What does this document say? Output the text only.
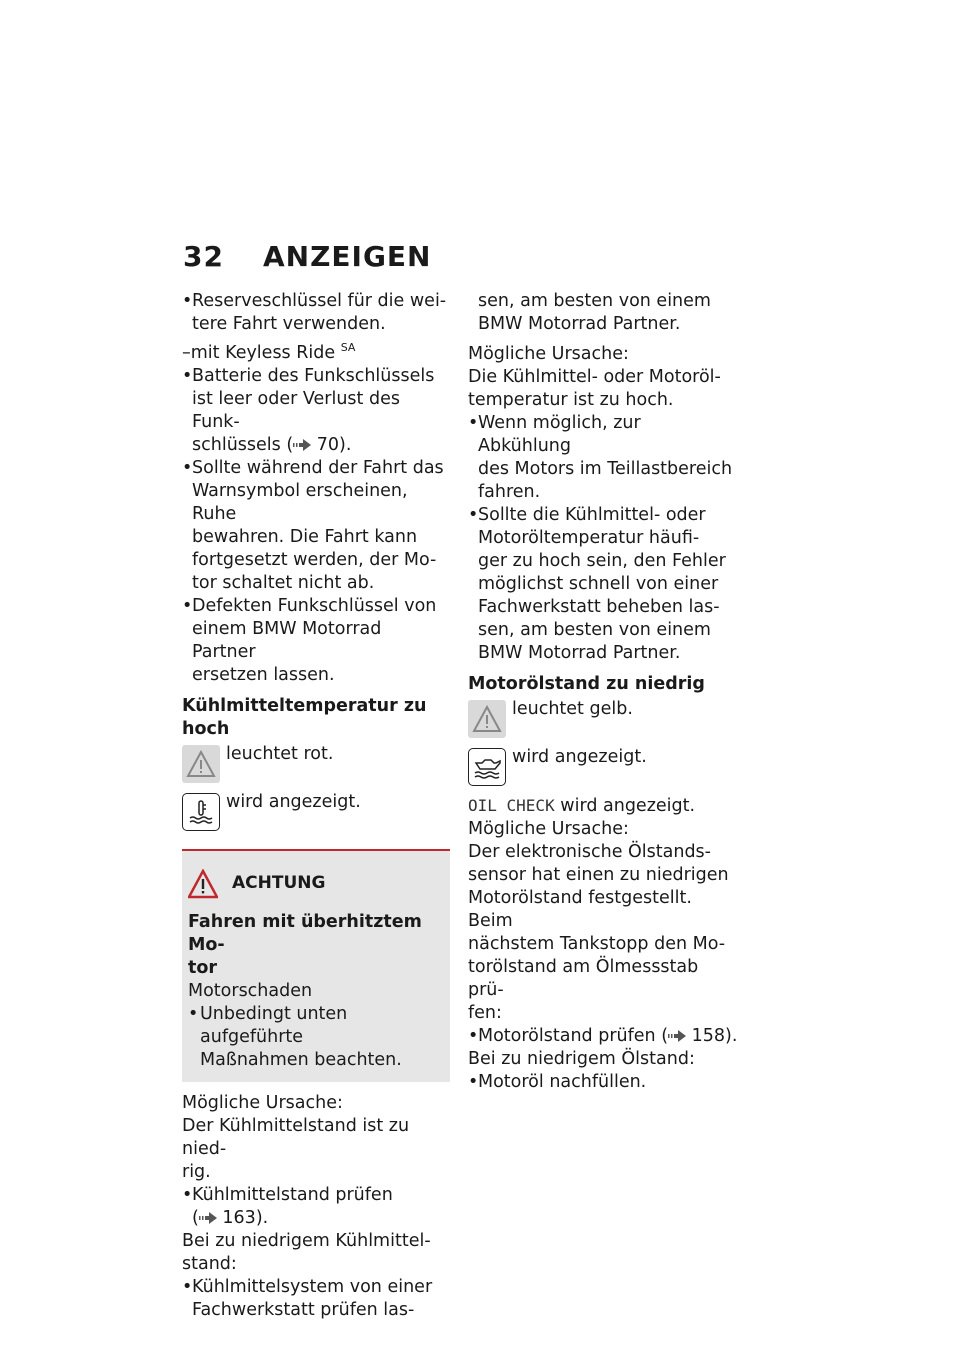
32 ANZEIGEN

• Reserveschlüssel für die wei-

tere Fahrt verwenden.

–mit Keyless Ride $^{SA}$

• Batterie des Funkschlüssels

ist leer oder Verlust des Funk-

schlüssels ( 70).

• Sollte während der Fahrt das

Warnsymbol erscheinen, Ruhe

bewahren. Die Fahrt kann

fortgesetzt werden, der Mo-

tor schaltet nicht ab.

• Defekten Funkschlüssel von

einem BMW Motorrad Partner

ersetzen lassen.

Kühlmitteltemperatur zu hoch

leuchtet rot.
wird angezeigt.
ACHTUNG

Fahren mit überhitztem Mo-
tor

Motorschaden

• Unbedingt unten aufgeführte
Maßnahmen beachten.

Mögliche Ursache:

Der Kühlmittelstand ist zu nied-

rig.

• Kühlmittelstand prüfen

( 163).

Bei zu niedrigem Kühlmittel-

stand:

• Kühlmittelsystem von einer

Fachwerkstatt prüfen las-

sen, am besten von einem

BMW Motorrad Partner.

Mögliche Ursache:

Die Kühlmittel- oder Motoröl-

temperatur ist zu hoch.

• Wenn möglich, zur Abkühlung

des Motors im Teillastbereich

fahren.

• Sollte die Kühlmittel- oder

Motoröltemperatur häufi-

ger zu hoch sein, den Fehler

möglichst schnell von einer

Fachwerkstatt beheben las-

sen, am besten von einem

BMW Motorrad Partner.

Motorölstand zu niedrig

leuchtet gelb.
wird angezeigt.

OIL CHECK wird angezeigt.

Mögliche Ursache:

Der elektronische Ölstands-

sensor hat einen zu niedrigen

Motorölstand festgestellt. Beim

nächstem Tankstopp den Mo-

torölstand am Ölmessstab prü-

fen:

• Motorölstand prüfen ( 158).

Bei zu niedrigem Ölstand:

• Motoröl nachfüllen.
